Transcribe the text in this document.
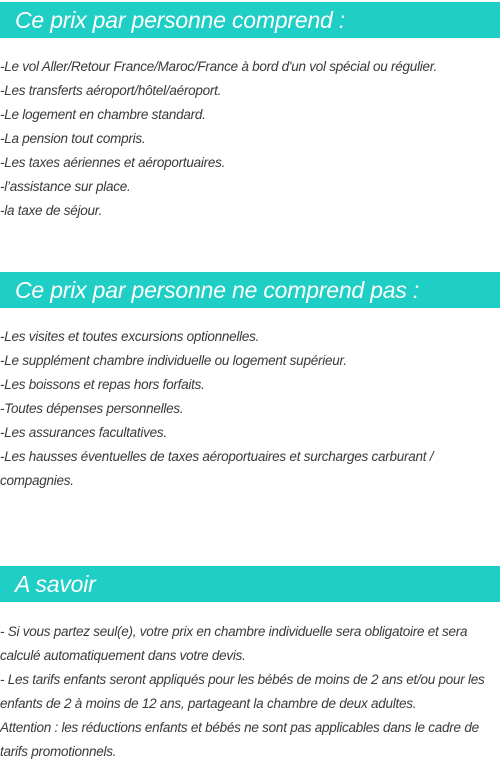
Ce prix par personne comprend :
-Le vol Aller/Retour France/Maroc/France à bord d'un vol spécial ou régulier.
-Les transferts aéroport/hôtel/aéroport.
-Le logement en chambre standard.
-La pension tout compris.
-Les taxes aériennes et aéroportuaires.
-l’assistance sur place.
-la taxe de séjour.
Ce prix par personne ne comprend pas :
-Les visites et toutes excursions optionnelles.
-Le supplément chambre individuelle ou logement supérieur.
-Les boissons et repas hors forfaits.
-Toutes dépenses personnelles.
-Les assurances facultatives.

-Les hausses éventuelles de taxes aéroportuaires et surcharges carburant / compagnies.

A savoir

- Si vous partez seul(e), votre prix en chambre individuelle sera obligatoire et sera calculé automatiquement dans votre devis.

- Les tarifs enfants seront appliqués pour les bébés de moins de 2 ans et/ou pour les enfants de 2 à moins de 12 ans, partageant la chambre de deux adultes.

Attention : les réductions enfants et bébés ne sont pas applicables dans le cadre de tarifs promotionnels.
